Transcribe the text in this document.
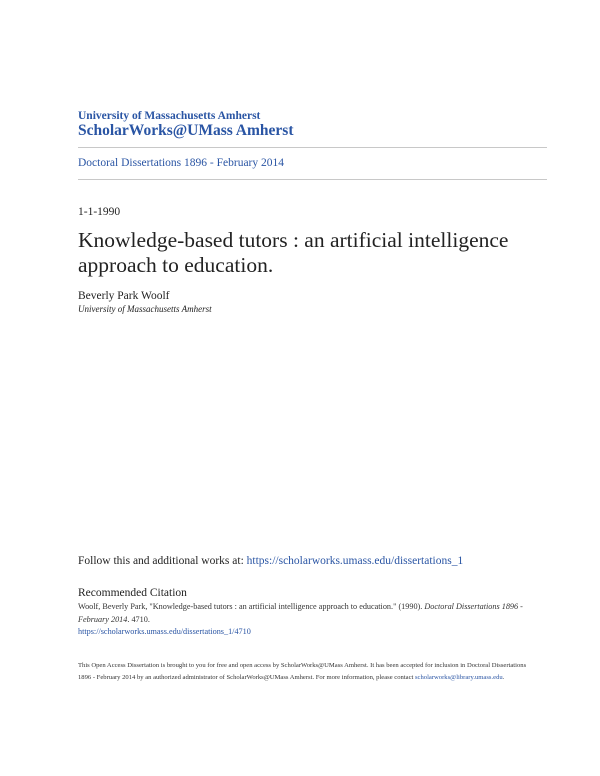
University of Massachusetts Amherst
ScholarWorks@UMass Amherst
Doctoral Dissertations 1896 - February 2014
1-1-1990
Knowledge-based tutors : an artificial intelligence approach to education.
Beverly Park Woolf
University of Massachusetts Amherst
Follow this and additional works at: https://scholarworks.umass.edu/dissertations_1
Recommended Citation
Woolf, Beverly Park, "Knowledge-based tutors : an artificial intelligence approach to education." (1990). Doctoral Dissertations 1896 - February 2014. 4710.
https://scholarworks.umass.edu/dissertations_1/4710
This Open Access Dissertation is brought to you for free and open access by ScholarWorks@UMass Amherst. It has been accepted for inclusion in Doctoral Dissertations 1896 - February 2014 by an authorized administrator of ScholarWorks@UMass Amherst. For more information, please contact scholarworks@library.umass.edu.
